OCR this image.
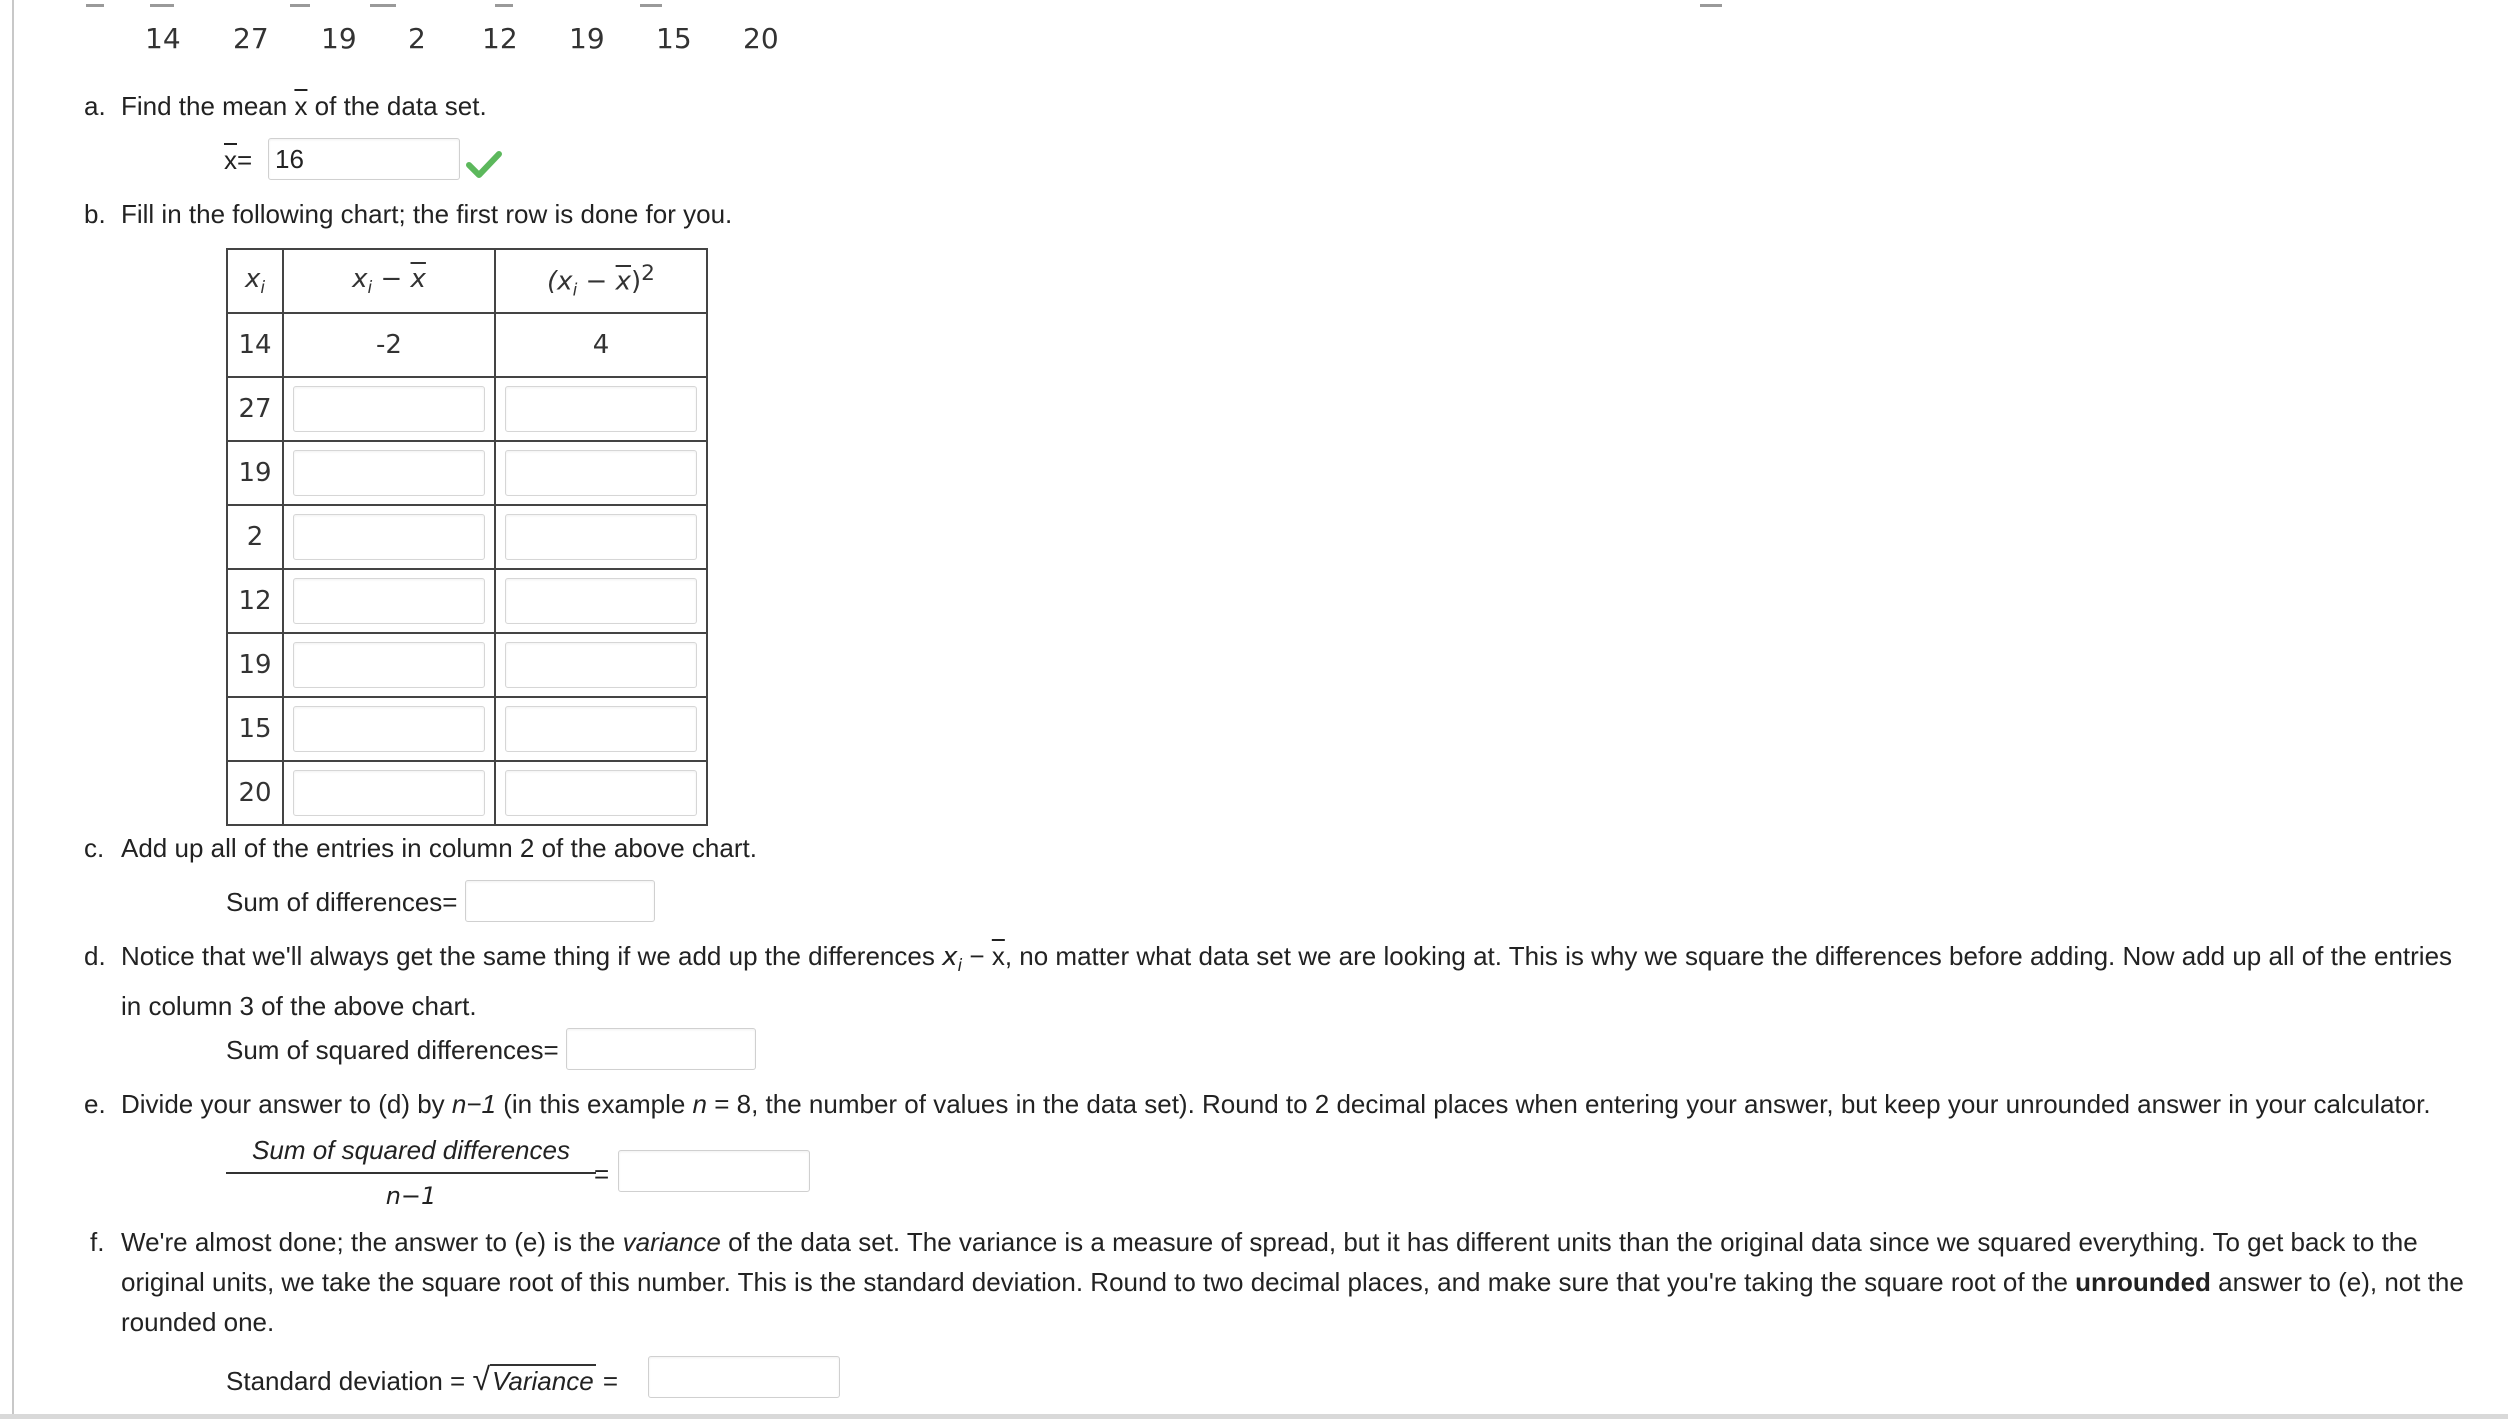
14 27 19 2 12 19 15 20
a. Find the mean $\overline{x}$ of the data set.
$\overline{x}= 16$
b. Fill in the following chart; the first row is done for you.
$x_i$	$x_i - \overline{x}$	$(x_i - \overline{x})^2$
14	-2	4
27	

19	

2	

12	

19	

15	

20	

c. Add up all of the entries in column 2 of the above chart.
Sum of differences=
d. Notice that we'll always get the same thing if we add up the differences $x_i - \overline{x}$, no matter what data set we are looking at. This is why we square the differences before adding. Now add up all of the entries in column 3 of the above chart.
Sum of squared differences=
e. Divide your answer to (d) by n−1 (in this example n = 8, the number of values in the data set). Round to 2 decimal places when entering your answer, but keep your unrounded answer in your calculator.
Sum of squared differences
n−1
=
f. We're almost done; the answer to (e) is the variance of the data set. The variance is a measure of spread, but it has different units than the original data since we squared everything. To get back to the original units, we take the square root of this number. This is the standard deviation. Round to two decimal places, and make sure that you're taking the square root of the unrounded answer to (e), not the rounded one.
Standard deviation = √Variance =
